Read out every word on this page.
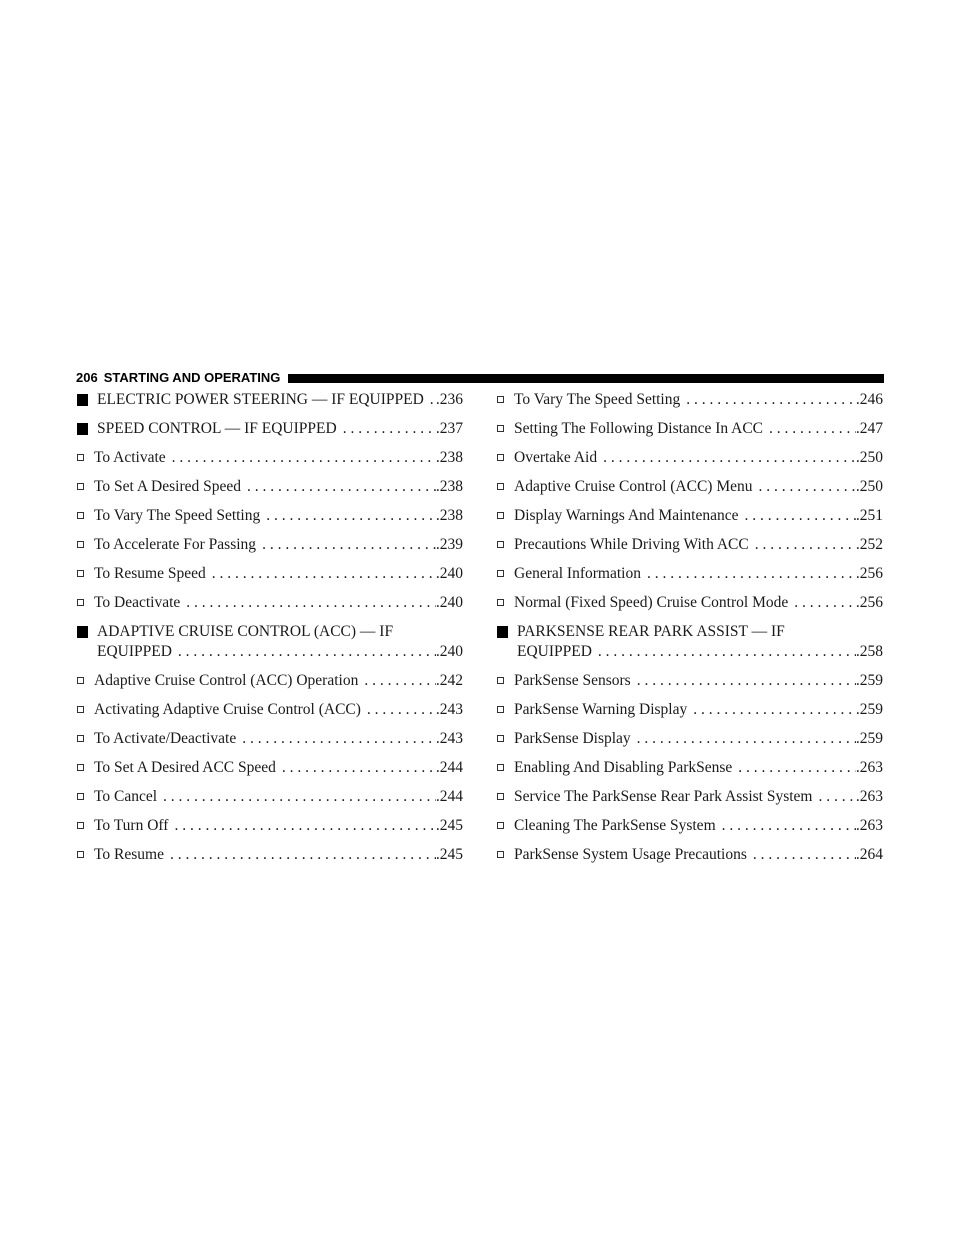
206 STARTING AND OPERATING
ELECTRIC POWER STEERING — IF EQUIPPED . . . .236
SPEED CONTROL — IF EQUIPPED . . .	.237
To Activate . . .	.238
To Set A Desired Speed . . .	.238
To Vary The Speed Setting . . .	.238
To Accelerate For Passing . . .	.239
To Resume Speed . . .	.240
To Deactivate . . .	.240
ADAPTIVE CRUISE CONTROL (ACC) — IF
EQUIPPED . . .	.240
Adaptive Cruise Control (ACC) Operation . . .	.242
Activating Adaptive Cruise Control (ACC) . . .	.243
To Activate/Deactivate . . .	.243
To Set A Desired ACC Speed . . .	.244
To Cancel . . .	.244
To Turn Off . . .	.245
To Resume . . .	.245
To Vary The Speed Setting . . .	.246
Setting The Following Distance In ACC . . .	.247
Overtake Aid . . .	.250
Adaptive Cruise Control (ACC) Menu . . .	.250
Display Warnings And Maintenance . . .	.251
Precautions While Driving With ACC . . .	.252
General Information . . .	.256
Normal (Fixed Speed) Cruise Control Mode . . .	.256
PARKSENSE REAR PARK ASSIST — IF
EQUIPPED . . .	.258
ParkSense Sensors . . .	.259
ParkSense Warning Display . . .	.259
ParkSense Display . . .	.259
Enabling And Disabling ParkSense . . .	.263
Service The ParkSense Rear Park Assist System . . .	.263
Cleaning The ParkSense System . . .	.263
ParkSense System Usage Precautions . . .	.264
